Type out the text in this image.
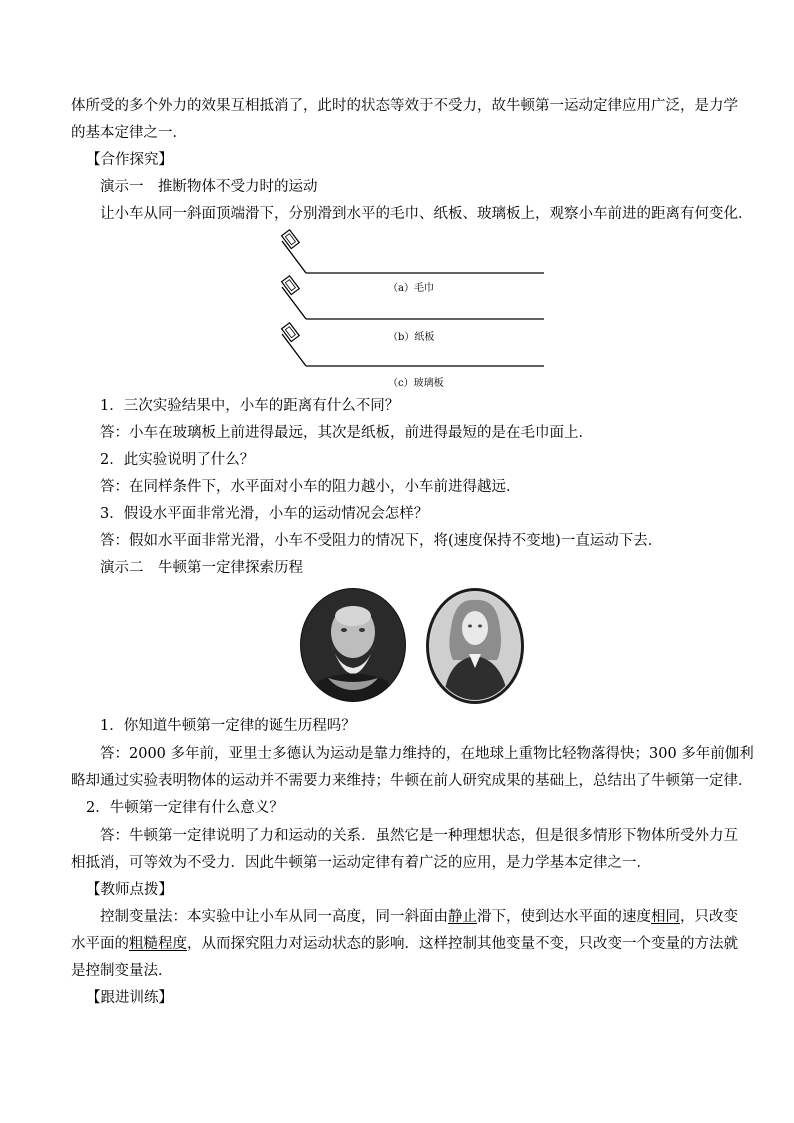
体所受的多个外力的效果互相抵消了，此时的状态等效于不受力，故牛顿第一运动定律应用广泛，是力学
的基本定律之一．
【合作探究】
演示一　推断物体不受力时的运动
让小车从同一斜面顶端滑下，分别滑到水平的毛巾、纸板、玻璃板上，观察小车前进的距离有何变化．
（a）毛巾
（b）纸板
（c）玻璃板
1．三次实验结果中，小车的距离有什么不同？
答：小车在玻璃板上前进得最远，其次是纸板，前进得最短的是在毛巾面上．
2．此实验说明了什么？
答：在同样条件下，水平面对小车的阻力越小，小车前进得越远．
3．假设水平面非常光滑，小车的运动情况会怎样？
答：假如水平面非常光滑，小车不受阻力的情况下，将(速度保持不变地)一直运动下去．
演示二　牛顿第一定律探索历程
1．你知道牛顿第一定律的诞生历程吗？
答：2000 多年前，亚里士多德认为运动是靠力维持的，在地球上重物比轻物落得快；300 多年前伽利
略却通过实验表明物体的运动并不需要力来维持；牛顿在前人研究成果的基础上，总结出了牛顿第一定律．
2．牛顿第一定律有什么意义？
答：牛顿第一定律说明了力和运动的关系．虽然它是一种理想状态，但是很多情形下物体所受外力互
相抵消，可等效为不受力．因此牛顿第一运动定律有着广泛的应用，是力学基本定律之一．
【教师点拨】
控制变量法：本实验中让小车从同一高度，同一斜面由静止滑下，使到达水平面的速度相同，只改变
水平面的粗糙程度，从而探究阻力对运动状态的影响．这样控制其他变量不变，只改变一个变量的方法就
是控制变量法．
【跟进训练】
